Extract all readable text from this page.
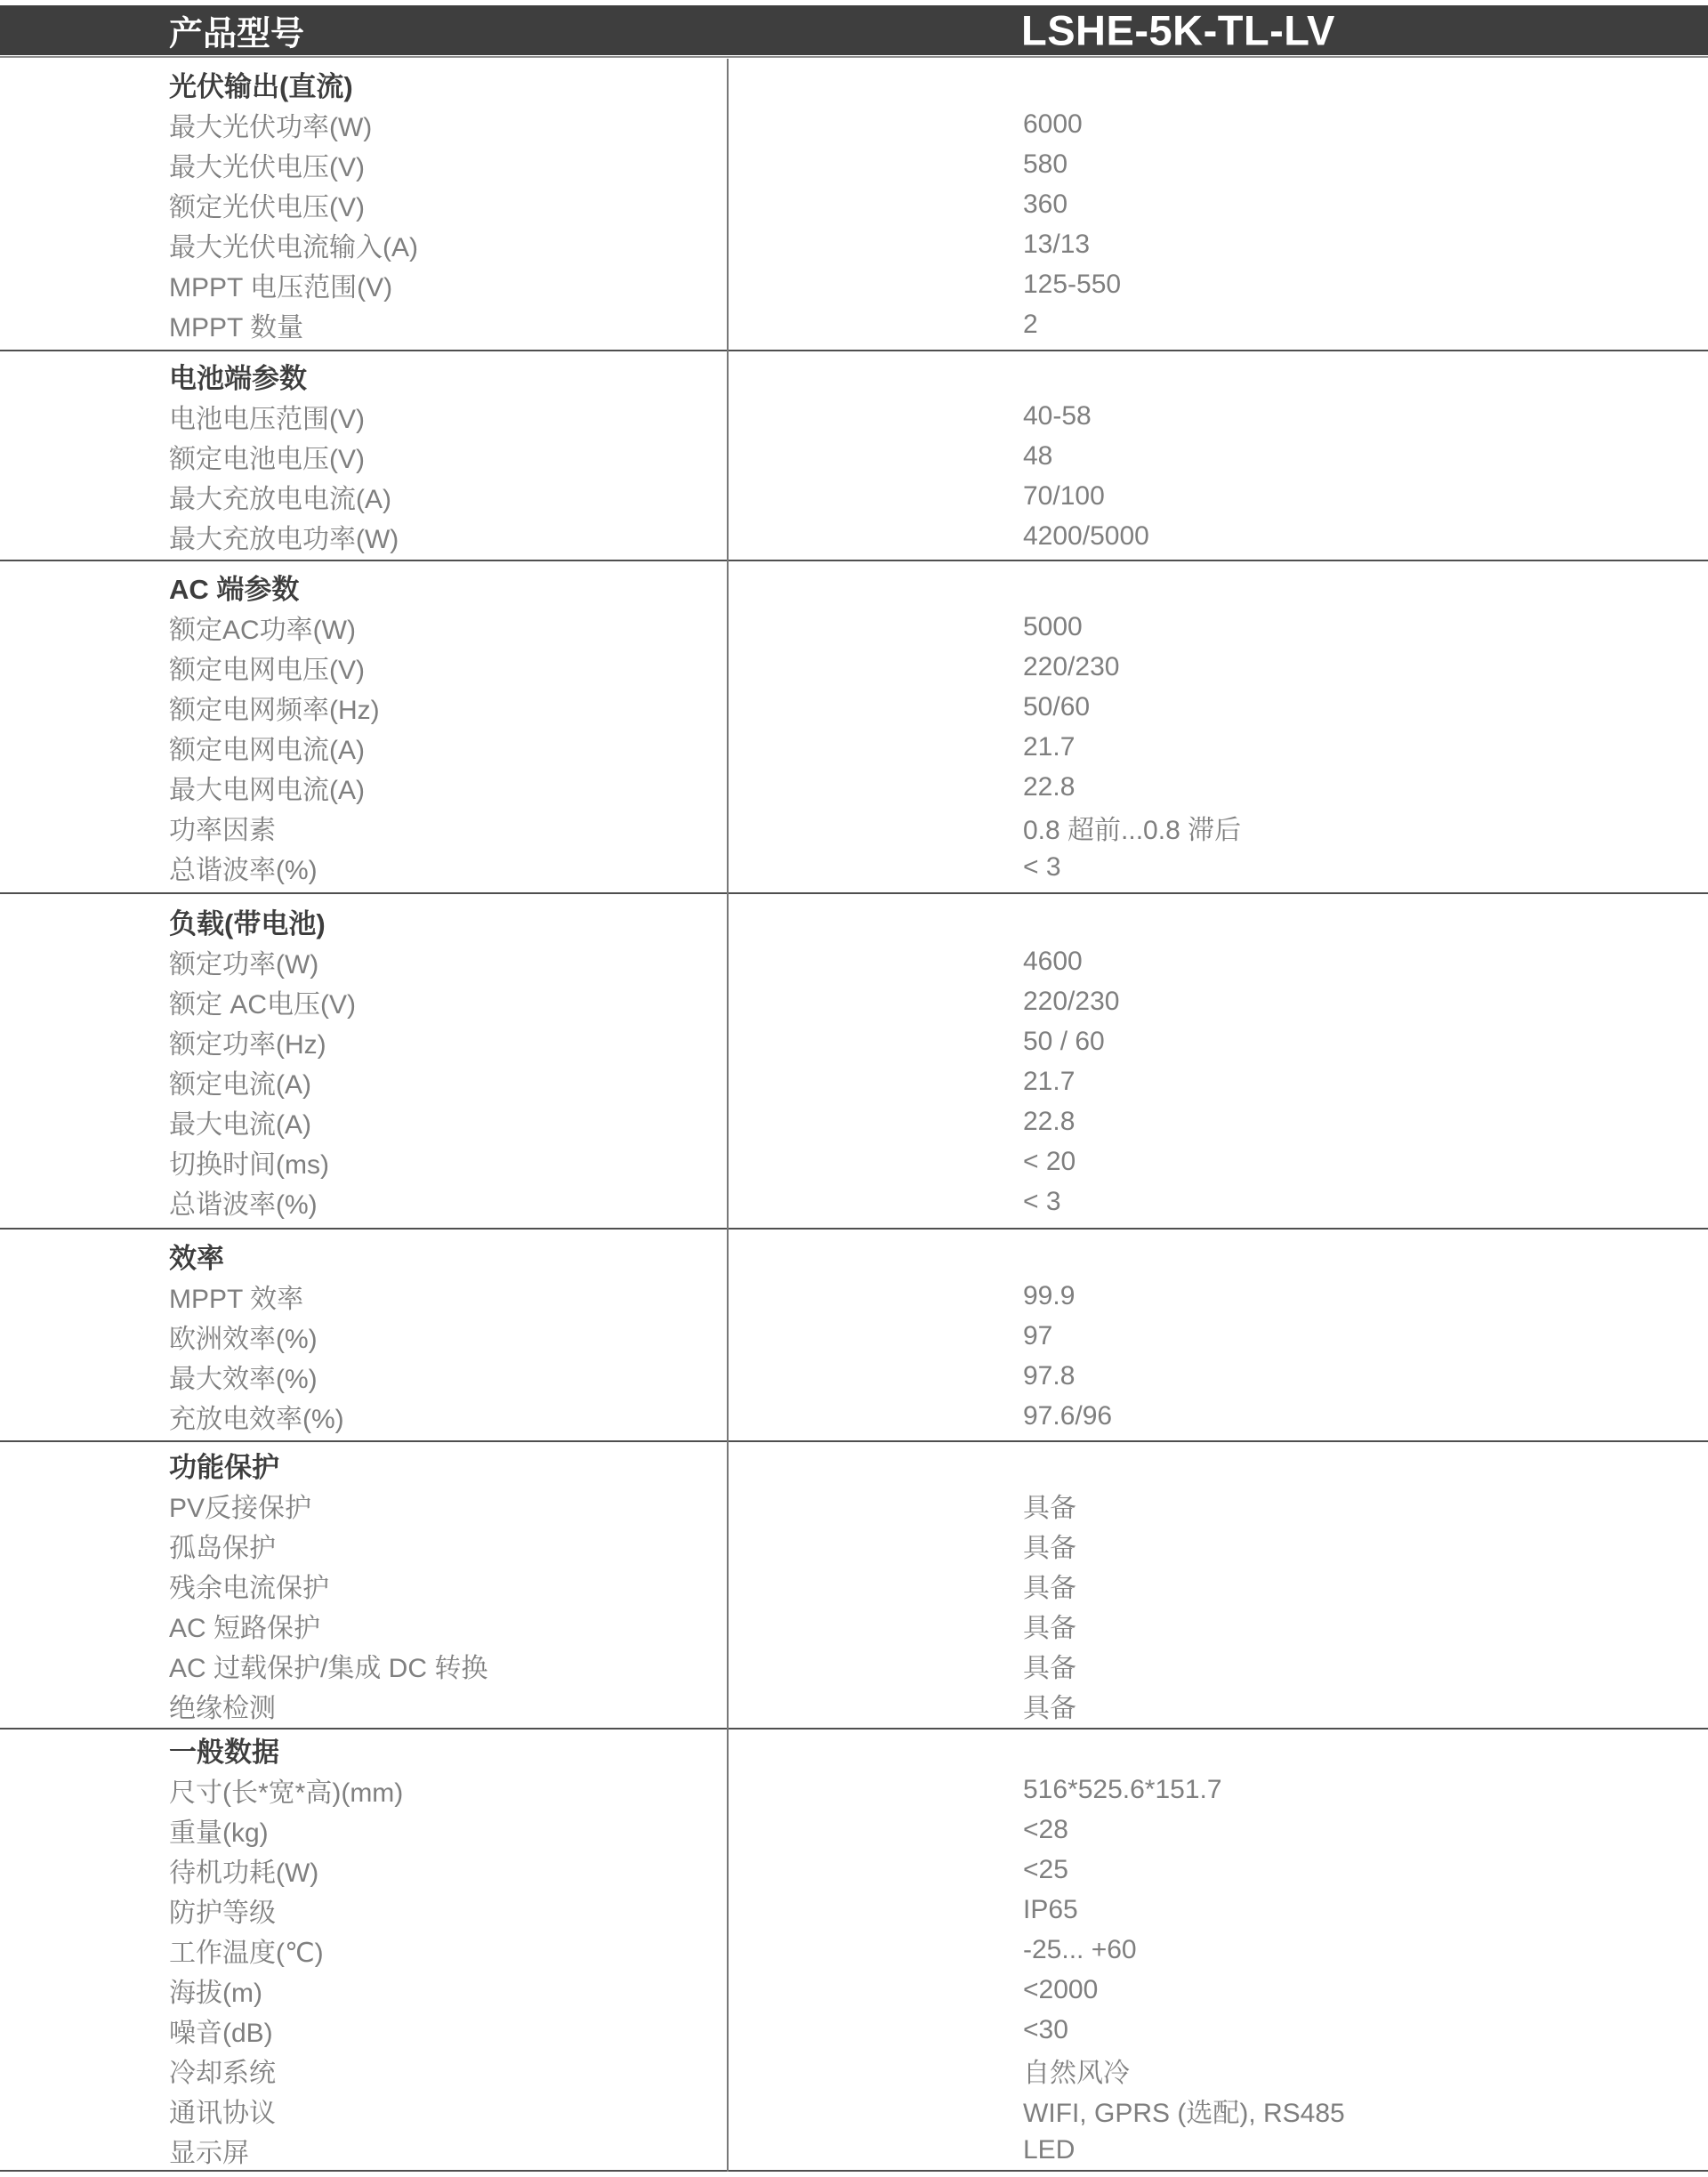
产品型号	LSHE-5K-TL-LV
光伏输出(直流)
最大光伏功率(W)	6000
最大光伏电压(V)	580
额定光伏电压(V)	360
最大光伏电流输入(A)	13/13
MPPT 电压范围(V)	125-550
MPPT 数量	2
电池端参数
电池电压范围(V)	40-58
额定电池电压(V)	48
最大充放电电流(A)	70/100
最大充放电功率(W)	4200/5000
AC 端参数
额定AC功率(W)	5000
额定电网电压(V)	220/230
额定电网频率(Hz)	50/60
额定电网电流(A)	21.7
最大电网电流(A)	22.8
功率因素	0.8 超前...0.8 滞后
总谐波率(%)	< 3
负载(带电池)
额定功率(W)	4600
额定 AC电压(V)	220/230
额定功率(Hz)	50 / 60
额定电流(A)	21.7
最大电流(A)	22.8
切换时间(ms)	< 20
总谐波率(%)	< 3
效率
MPPT 效率	99.9
欧洲效率(%)	97
最大效率(%)	97.8
充放电效率(%)	97.6/96
功能保护
PV反接保护	具备
孤岛保护	具备
残余电流保护	具备
AC 短路保护	具备
AC 过载保护/集成 DC 转换	具备
绝缘检测	具备
一般数据
尺寸(长*宽*高)(mm)	516*525.6*151.7
重量(kg)	<28
待机功耗(W)	<25
防护等级	IP65
工作温度(℃)	-25... +60
海拔(m)	<2000
噪音(dB)	<30
冷却系统	自然风冷
通讯协议	WIFI, GPRS (选配), RS485
显示屏	LED
